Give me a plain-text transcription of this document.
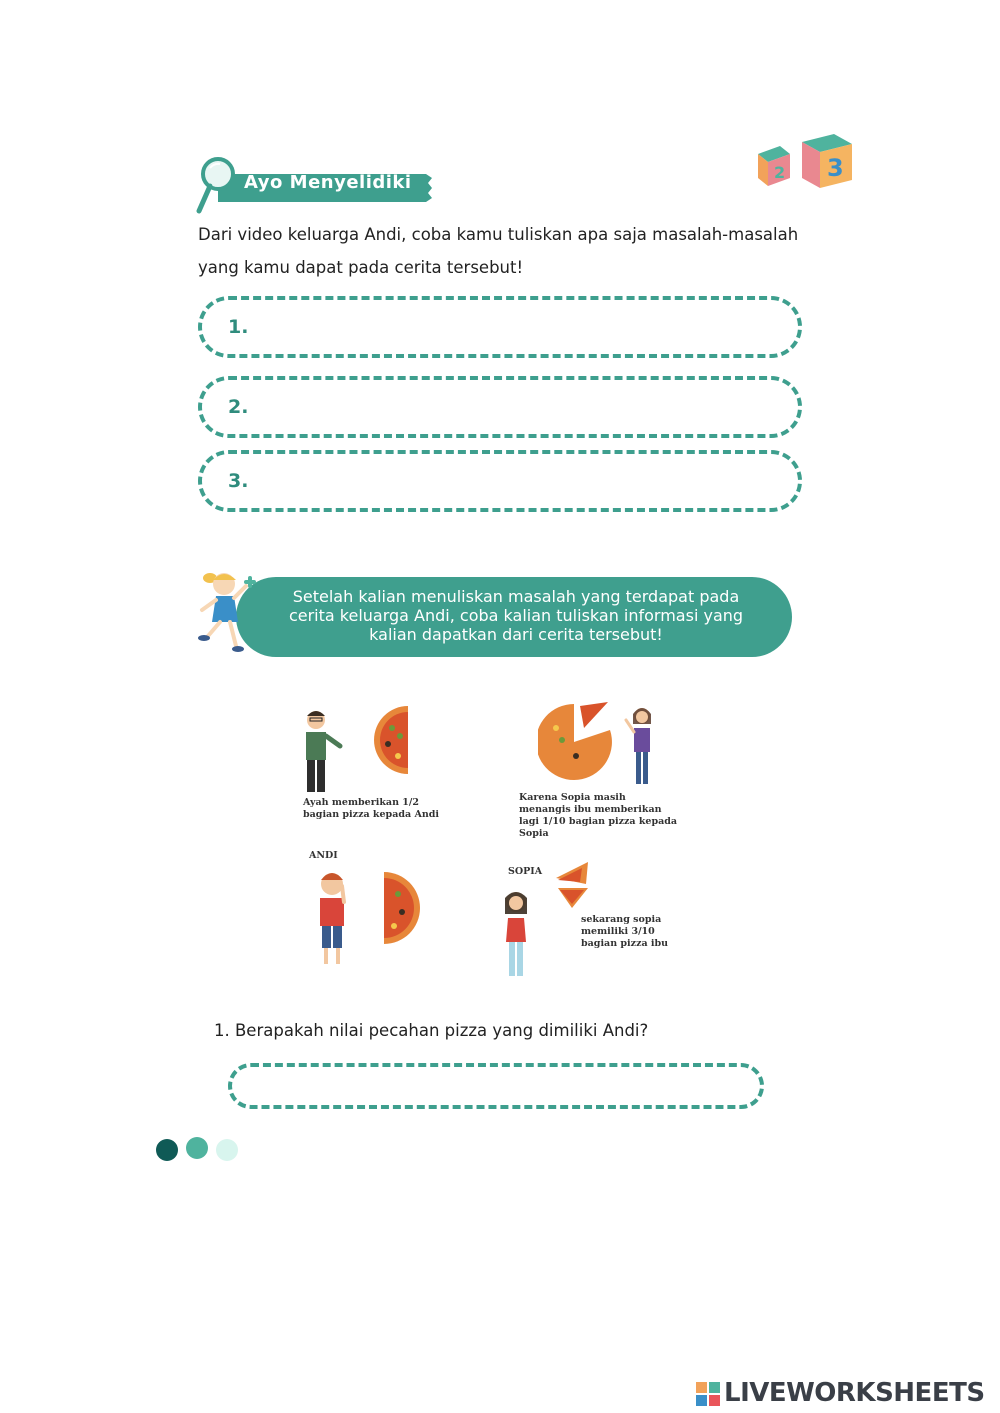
Ayo Menyelidiki	2 3
Dari video keluarga Andi, coba kamu tuliskan apa saja masalah-masalah yang kamu dapat pada cerita tersebut!
1.
2.
3.
Setelah kalian menuliskan masalah yang terdapat pada cerita keluarga Andi, coba kalian tuliskan informasi yang kalian dapatkan dari cerita tersebut!
Ayah memberikan 1/2 bagian pizza kepada Andi
Karena Sopia masih menangis ibu memberikan lagi 1/10 bagian pizza kepada Sopia
ANDI
SOPIA
sekarang sopia memiliki 3/10 bagian pizza ibu
1. Berapakah nilai pecahan pizza yang dimiliki Andi?
LIVEWORKSHEETS
